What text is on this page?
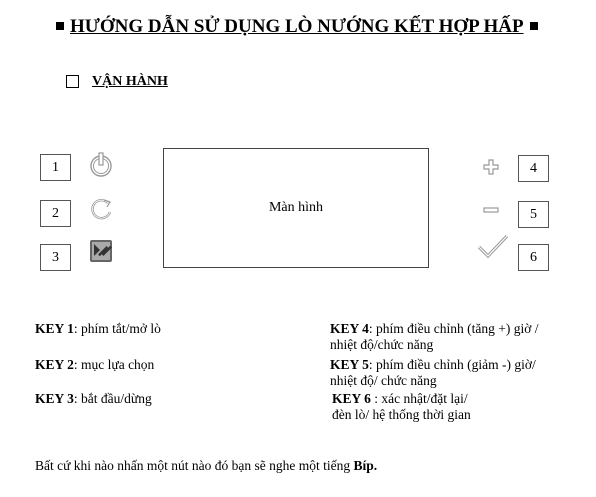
HƯỚNG DẪN SỬ DỤNG LÒ NƯỚNG KẾT HỢP HẤP
VẬN HÀNH
1
2
3
Màn hình
4
5
6
KEY 1: phím tắt/mở lò
KEY 2: mục lựa chọn
KEY 3: bắt đầu/dừng
KEY 4: phím điều chỉnh (tăng +) giờ /
nhiệt độ/chức năng
KEY 5: phím điều chỉnh (giảm -) giờ/
nhiệt độ/ chức năng
KEY 6 : xác nhật/đặt lại/
đèn lò/ hệ thống thời gian
Bất cứ khi nào nhấn một nút nào đó bạn sẽ nghe một tiếng Bíp.
